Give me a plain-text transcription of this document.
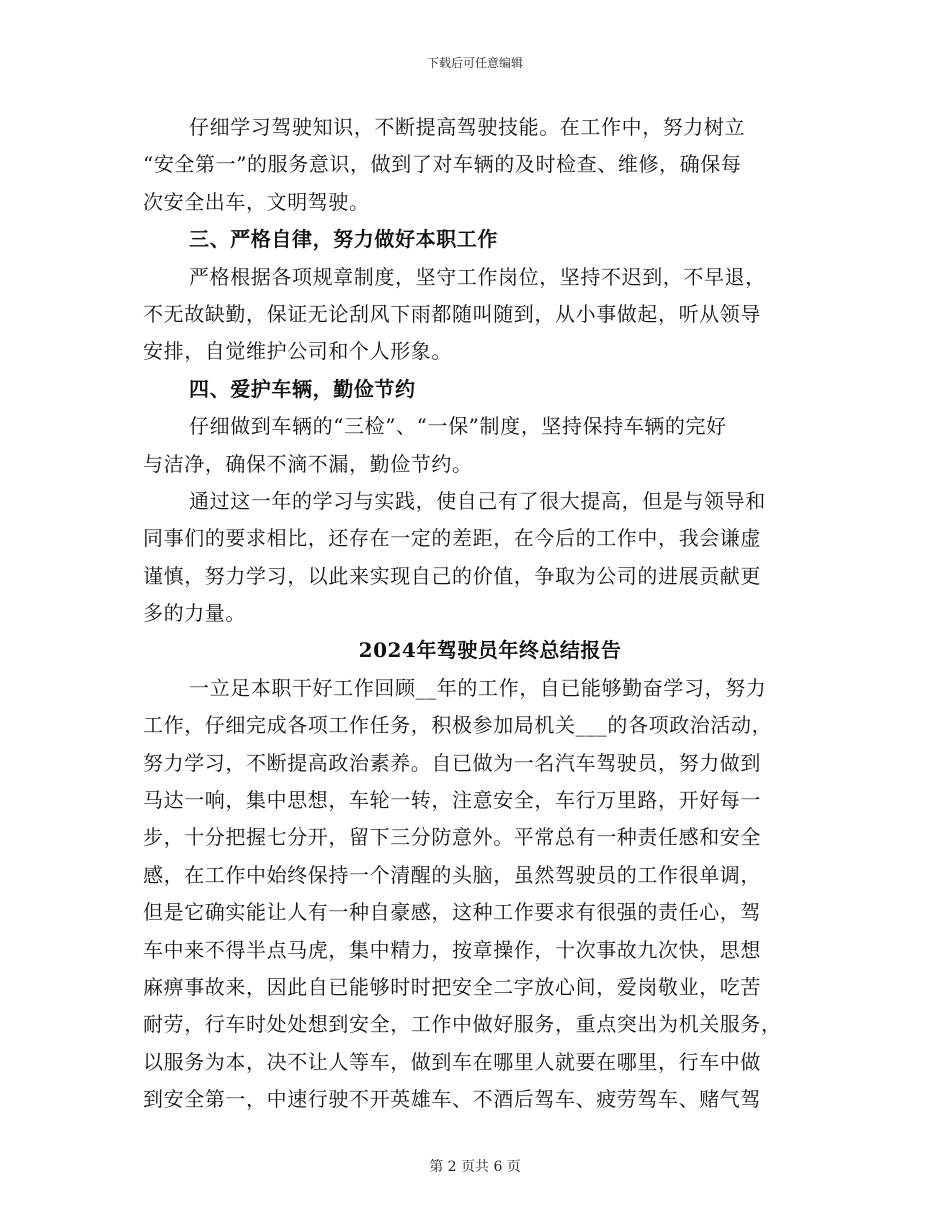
下载后可任意编辑
仔细学习驾驶知识，不断提高驾驶技能。在工作中，努力树立
“安全第一”的服务意识，做到了对车辆的及时检查、维修，确保每
次安全出车，文明驾驶。
三、严格自律，努力做好本职工作
严格根据各项规章制度，坚守工作岗位，坚持不迟到，不早退，
不无故缺勤，保证无论刮风下雨都随叫随到，从小事做起，听从领导
安排，自觉维护公司和个人形象。
四、爱护车辆，勤俭节约
仔细做到车辆的“三检”、“一保”制度，坚持保持车辆的完好
与洁净，确保不滴不漏，勤俭节约。
通过这一年的学习与实践，使自己有了很大提高，但是与领导和
同事们的要求相比，还存在一定的差距，在今后的工作中，我会谦虚
谨慎，努力学习，以此来实现自己的价值，争取为公司的进展贡献更
多的力量。
2024年驾驶员年终总结报告
一立足本职干好工作回顾__年的工作，自已能够勤奋学习，努力
工作，仔细完成各项工作任务，积极参加局机关___的各项政治活动，
努力学习，不断提高政治素养。自已做为一名汽车驾驶员，努力做到
马达一响，集中思想，车轮一转，注意安全，车行万里路，开好每一
步，十分把握七分开，留下三分防意外。平常总有一种责任感和安全
感，在工作中始终保持一个清醒的头脑，虽然驾驶员的工作很单调，
但是它确实能让人有一种自豪感，这种工作要求有很强的责任心，驾
车中来不得半点马虎，集中精力，按章操作，十次事故九次快，思想
麻痹事故来，因此自已能够时时把安全二字放心间，爱岗敬业，吃苦
耐劳，行车时处处想到安全，工作中做好服务，重点突出为机关服务，
以服务为本，决不让人等车，做到车在哪里人就要在哪里，行车中做
到安全第一，中速行驶不开英雄车、不酒后驾车、疲劳驾车、赌气驾
第 2 页共 6 页
